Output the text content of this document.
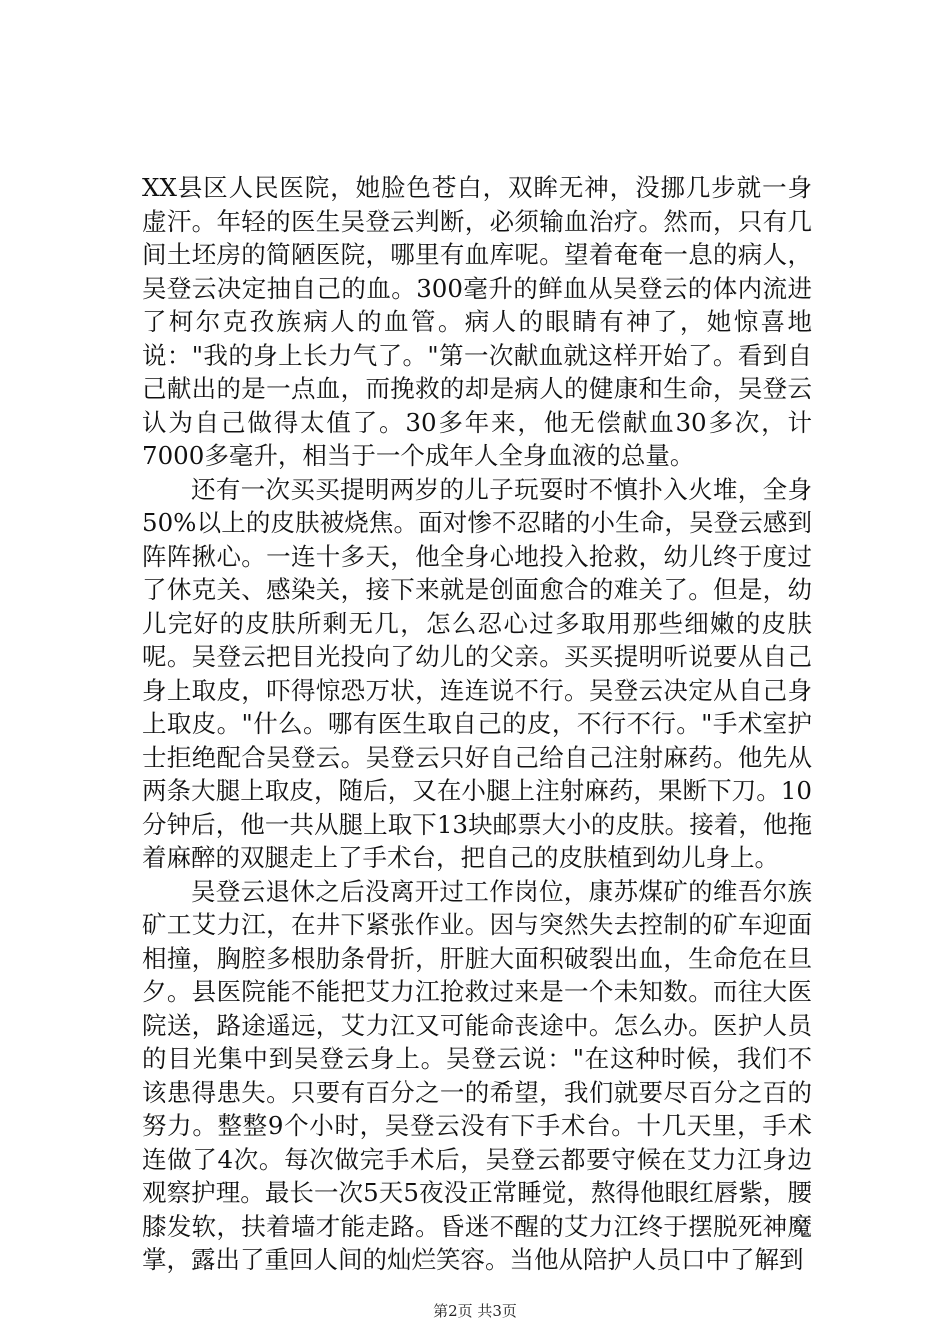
XX县区人民医院，她脸色苍白，双眸无神，没挪几步就一身虚汗。年轻的医生吴登云判断，必须输血治疗。然而，只有几间土坯房的简陋医院，哪里有血库呢。望着奄奄一息的病人，吴登云决定抽自己的血。300毫升的鲜血从吴登云的体内流进了柯尔克孜族病人的血管。病人的眼睛有神了，她惊喜地说："我的身上长力气了。"第一次献血就这样开始了。看到自己献出的是一点血，而挽救的却是病人的健康和生命，吴登云认为自己做得太值了。30多年来，他无偿献血30多次，计7000多毫升，相当于一个成年人全身血液的总量。

还有一次买买提明两岁的儿子玩耍时不慎扑入火堆，全身50%以上的皮肤被烧焦。面对惨不忍睹的小生命，吴登云感到阵阵揪心。一连十多天，他全身心地投入抢救，幼儿终于度过了休克关、感染关，接下来就是创面愈合的难关了。但是，幼儿完好的皮肤所剩无几，怎么忍心过多取用那些细嫩的皮肤呢。吴登云把目光投向了幼儿的父亲。买买提明听说要从自己身上取皮，吓得惊恐万状，连连说不行。吴登云决定从自己身上取皮。"什么。哪有医生取自己的皮，不行不行。"手术室护士拒绝配合吴登云。吴登云只好自己给自己注射麻药。他先从两条大腿上取皮，随后，又在小腿上注射麻药，果断下刀。10分钟后，他一共从腿上取下13块邮票大小的皮肤。接着，他拖着麻醉的双腿走上了手术台，把自己的皮肤植到幼儿身上。

吴登云退休之后没离开过工作岗位，康苏煤矿的维吾尔族矿工艾力江，在井下紧张作业。因与突然失去控制的矿车迎面相撞，胸腔多根肋条骨折，肝脏大面积破裂出血，生命危在旦夕。县医院能不能把艾力江抢救过来是一个未知数。而往大医院送，路途遥远，艾力江又可能命丧途中。怎么办。医护人员的目光集中到吴登云身上。吴登云说："在这种时候，我们不该患得患失。只要有百分之一的希望，我们就要尽百分之百的努力。整整9个小时，吴登云没有下手术台。十几天里，手术连做了4次。每次做完手术后，吴登云都要守候在艾力江身边观察护理。最长一次5天5夜没正常睡觉，熬得他眼红唇紫，腰膝发软，扶着墙才能走路。昏迷不醒的艾力江终于摆脱死神魔掌，露出了重回人间的灿烂笑容。当他从陪护人员口中了解到

第2页 共3页
